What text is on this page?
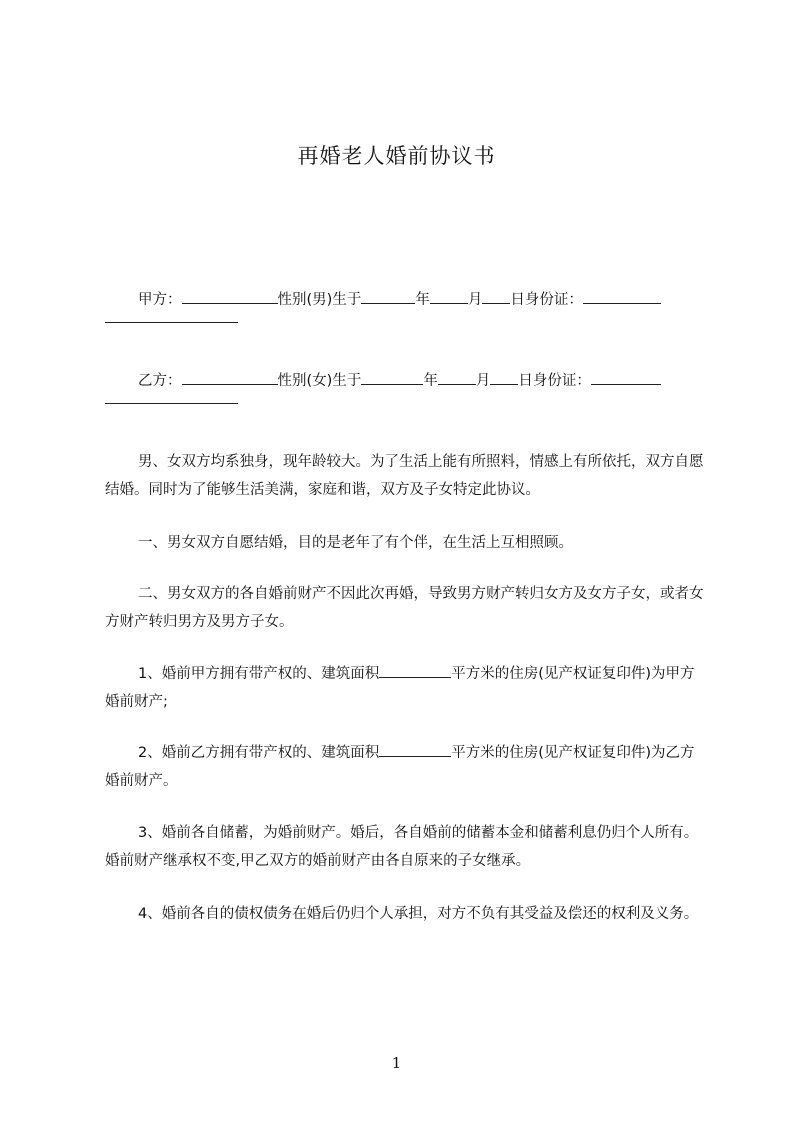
再婚老人婚前协议书
甲方：	性别(男)生于	年	月 日身份证：
乙方：	性别(女)生于	年	月 日身份证：

男、女双方均系独身，现年龄较大。为了生活上能有所照料，情感上有所依托，双方自愿结婚。同时为了能够生活美满，家庭和谐，双方及子女特定此协议。

一、男女双方自愿结婚，目的是老年了有个伴，在生活上互相照顾。

二、男女双方的各自婚前财产不因此次再婚，导致男方财产转归女方及女方子女，或者女方财产转归男方及男方子女。

1、婚前甲方拥有带产权的、建筑面积	平方米的住房(见产权证复印件)为甲方婚前财产;

2、婚前乙方拥有带产权的、建筑面积	平方米的住房(见产权证复印件)为乙方婚前财产。

3、婚前各自储蓄，为婚前财产。婚后，各自婚前的储蓄本金和储蓄利息仍归个人所有。婚前财产继承权不变,甲乙双方的婚前财产由各自原来的子女继承。

4、婚前各自的债权债务在婚后仍归个人承担，对方不负有其受益及偿还的权利及义务。

1
